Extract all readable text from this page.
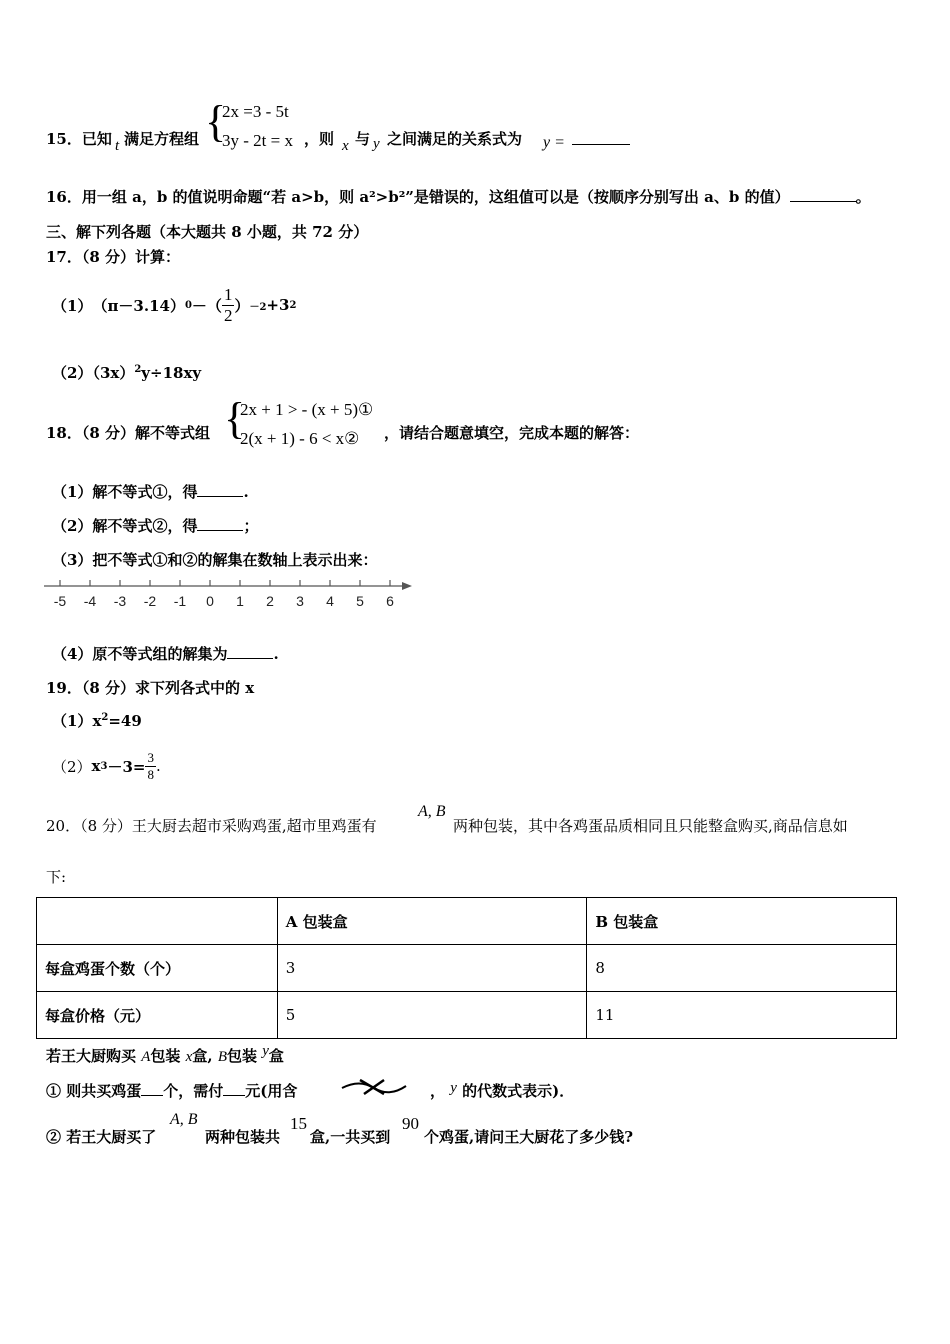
15．已知 t 满足方程组 {
2x =3 - 5t
3y - 2t = x ，则 x 与 y 之间满足的关系式为 y =
16．用一组 a，b 的值说明命题“若 a>b，则 a²>b²”是错误的，这组值可以是（按顺序分别写出 a、b 的值）	。
三、解下列各题（本大题共 8 小题，共 72 分）
17．（8 分）计算：
（1） （π－3.14） 0 －（ $\frac{1}{2}$ ） －2 +3 2
$(2)(3x)^2y\div 18xy$
18．（8 分）解不等式组 {
2x + 1 > - (x + 5)①
2(x + 1) - 6 < x② ，请结合题意填空，完成本题的解答：
（1）解不等式①，得	.
（2）解不等式②，得	；
（3）把不等式①和②的解集在数轴上表示出来：
-5 -4 -3 -2 -1 0 1 2 3 4 5 6
（4）原不等式组的解集为	.
19．（8 分）求下列各式中的 x
$(1)x^2=49$
（2） x $3 -3= \frac{3}{8}$ .
20．（8 分）王大厨去超市采购鸡蛋,超市里鸡蛋有
A, B
两种包装，其中各鸡蛋品质相同且只能整盒购买,商品信息如
下:
	A 包装盒	B 包装盒
每盒鸡蛋个数（个）	3	8
每盒价格（元）	5	11
若王大厨购买 A包装 x盒, B包装 y盒
① 则共买鸡蛋 个，需付 元(用含	， y 的代数式表示)．
② 若王大厨买了
A, B
两种包装共
15
盒,一共买到
90
个鸡蛋,请问王大厨花了多少钱?
